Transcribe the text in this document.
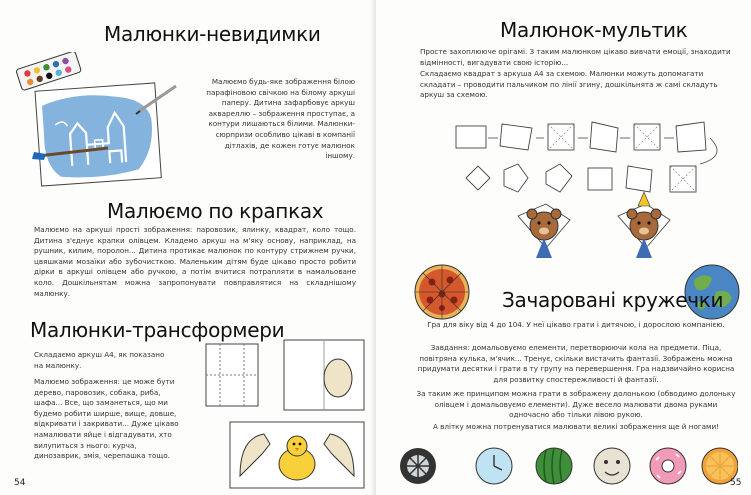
Малюнки-невидимки

Малюємо будь-яке зображення білою парафіновою свічкою на білому аркуші паперу. Дитина зафарбовує аркуш аквареллю – зображення проступає, а контури лишаються білими. Малюнки-сюрпризи особливо цікаві в компанії дітлахів, де кожен готує малюнок іншому.

Малюємо по крапках

Малюємо на аркуші прості зображення: паровозик, ялинку, квадрат, коло тощо. Дитина з'єднує крапки олівцем. Кладемо аркуш на м'яку основу, наприклад, на рушник, килим, поролон... Дитина протикає малюнок по контуру стрижнем ручки, цвяшками мозаїки або зубочисткою. Маленьким дітям буде цікаво просто робити дірки в аркуші олівцем або ручкою, а потім вчитися потрапляти в намальоване коло. Дошкільнятам можна запропонувати повправлятися на складнішому малюнку.

Малюнки-трансформери

Складаємо аркуш А4, як показано на малюнку.

Малюємо зображення: це може бути дерево, паровозик, собака, риба, шафа... Все, що заманеться, що ми будемо робити ширше, вище, довше, відкривати і закривати... Дуже цікаво намалювати яйце і відгадувати, хто вилупиться з нього: курча, динозаврик, змія, черепашка тощо.

54
Малюнок-мультик

Просте захоплююче орігамі. З таким малюнком цікаво вивчати емоції, знаходити відмінності, вигадувати свою історію...

Складаємо квадрат з аркуша А4 за схемою. Малюнки можуть допомагати складати – проводити пальчиком по лінії згину, дошкільнята ж самі складуть аркуш за схемою.

Зачаровані кружечки

Гра для віку від 4 до 104. У неї цікаво грати і дитячою, і дорослою компанією.

Завдання: домальовуємо елементи, перетворюючи кола на предмети. Піца, повітряна кулька, м'ячик... Тренує, скільки вистачить фантазії. Зображень можна придумати десятки і грати в ту групу на перевершення. Гра надзвичайно корисна для розвитку спостережливості й фантазії.

За таким же принципом можна грати в зображену долонькою (обводимо долоньку олівцем і домальовуємо елементи). Дуже весело малювати двома руками одночасно або тільки лівою рукою.

А влітку можна потренуватися малювати великі зображення ще й ногами!

55
